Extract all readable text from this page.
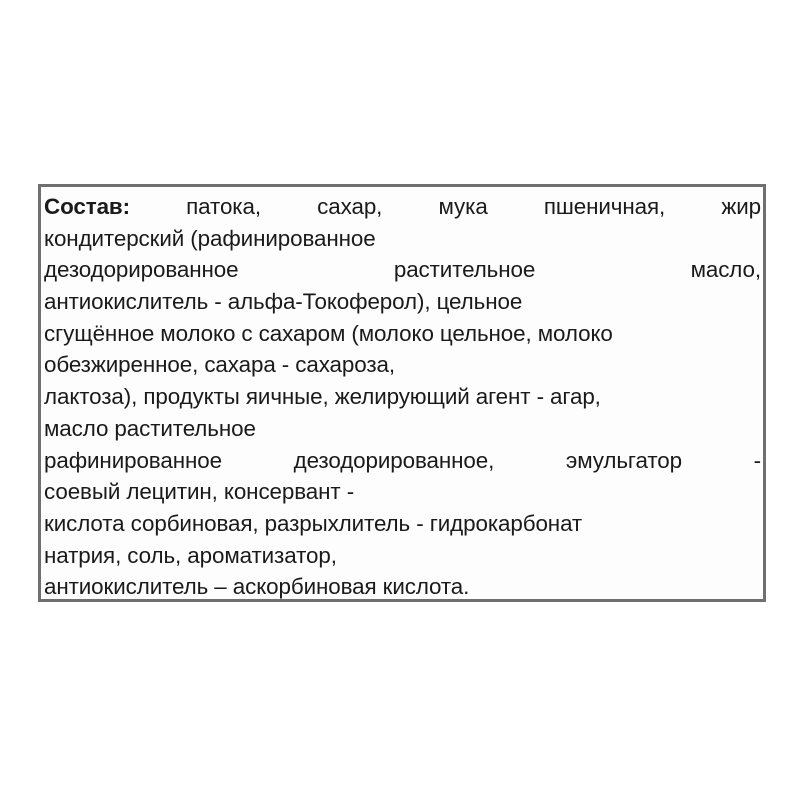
Состав:	патока,	сахар,	мука	пшеничная,	жир
кондитерский (рафинированное
дезодорированное	растительное	масло,
антиокислитель - альфа-Токоферол), цельное
сгущённое молоко с сахаром (молоко цельное, молоко
обезжиренное, сахара - сахароза,
лактоза), продукты яичные, желирующий агент - агар,
масло растительное
рафинированное	дезодорированное,	эмульгатор	-
соевый лецитин, консервант -
кислота сорбиновая, разрыхлитель - гидрокарбонат
натрия, соль, ароматизатор,
антиокислитель – аскорбиновая кислота.
